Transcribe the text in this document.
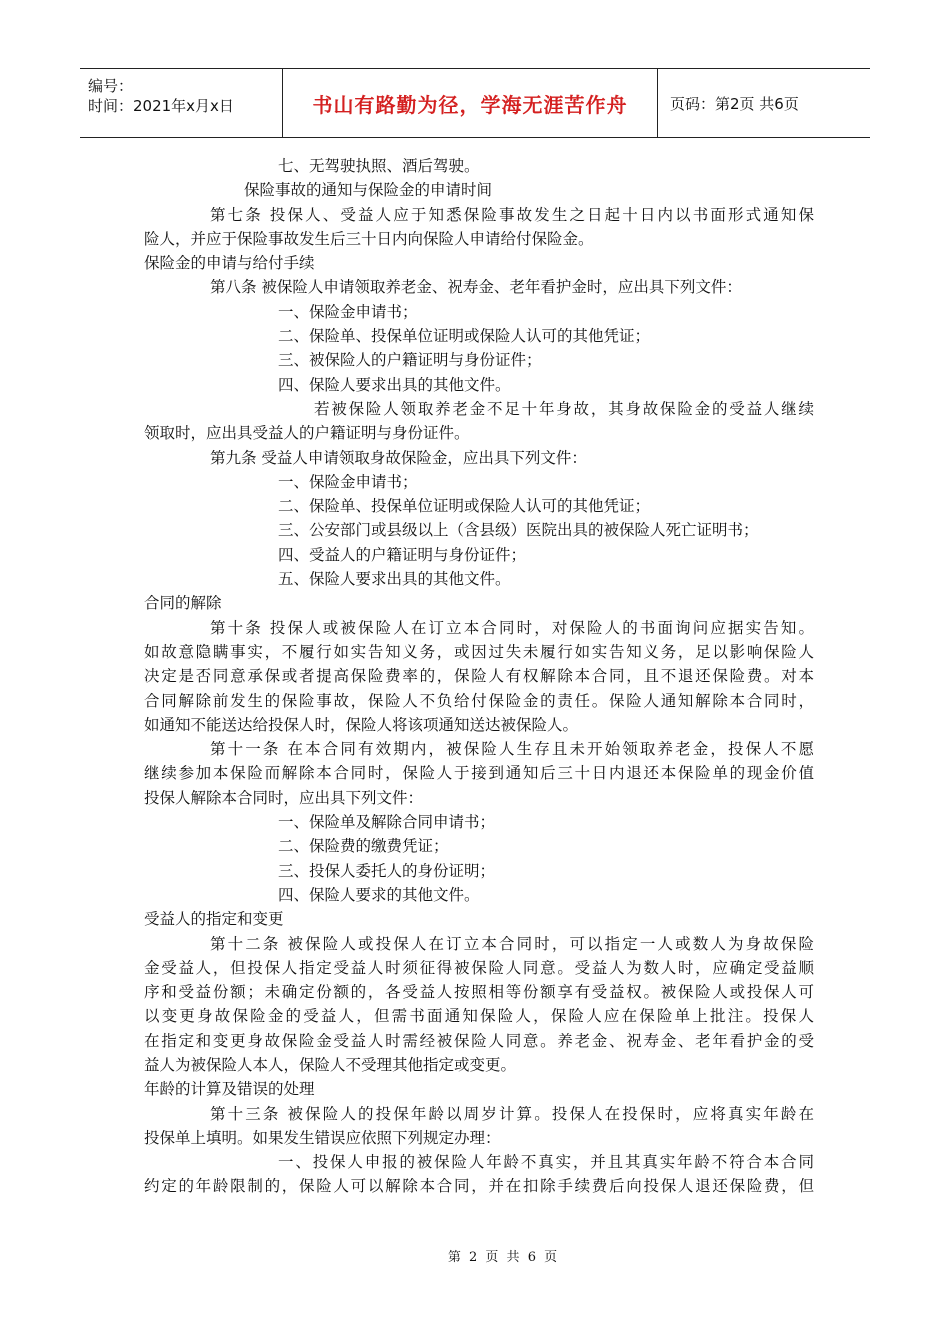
编号：
时间：2021年x月x日	书山有路勤为径，学海无涯苦作舟	页码：第2页 共6页
七、无驾驶执照、酒后驾驶。
保险事故的通知与保险金的申请时间
第七条 投保人、受益人应于知悉保险事故发生之日起十日内以书面形式通知保
险人，并应于保险事故发生后三十日内向保险人申请给付保险金。
保险金的申请与给付手续
第八条 被保险人申请领取养老金、祝寿金、老年看护金时，应出具下列文件：
一、保险金申请书；
二、保险单、投保单位证明或保险人认可的其他凭证；
三、被保险人的户籍证明与身份证件；
四、保险人要求出具的其他文件。
若被保险人领取养老金不足十年身故，其身故保险金的受益人继续
领取时，应出具受益人的户籍证明与身份证件。
第九条 受益人申请领取身故保险金，应出具下列文件：
一、保险金申请书；
二、保险单、投保单位证明或保险人认可的其他凭证；
三、公安部门或县级以上（含县级）医院出具的被保险人死亡证明书；
四、受益人的户籍证明与身份证件；
五、保险人要求出具的其他文件。
合同的解除
第十条 投保人或被保险人在订立本合同时，对保险人的书面询问应据实告知。
如故意隐瞒事实，不履行如实告知义务，或因过失未履行如实告知义务，足以影响保险人
决定是否同意承保或者提高保险费率的，保险人有权解除本合同，且不退还保险费。对本
合同解除前发生的保险事故，保险人不负给付保险金的责任。保险人通知解除本合同时，
如通知不能送达给投保人时，保险人将该项通知送达被保险人。
第十一条 在本合同有效期内，被保险人生存且未开始领取养老金，投保人不愿
继续参加本保险而解除本合同时，保险人于接到通知后三十日内退还本保险单的现金价值
投保人解除本合同时，应出具下列文件：
一、保险单及解除合同申请书；
二、保险费的缴费凭证；
三、投保人委托人的身份证明；
四、保险人要求的其他文件。
受益人的指定和变更
第十二条 被保险人或投保人在订立本合同时，可以指定一人或数人为身故保险
金受益人，但投保人指定受益人时须征得被保险人同意。受益人为数人时，应确定受益顺
序和受益份额；未确定份额的，各受益人按照相等份额享有受益权。被保险人或投保人可
以变更身故保险金的受益人，但需书面通知保险人，保险人应在保险单上批注。投保人
在指定和变更身故保险金受益人时需经被保险人同意。养老金、祝寿金、老年看护金的受
益人为被保险人本人，保险人不受理其他指定或变更。
年龄的计算及错误的处理
第十三条 被保险人的投保年龄以周岁计算。投保人在投保时，应将真实年龄在
投保单上填明。如果发生错误应依照下列规定办理：
一、投保人申报的被保险人年龄不真实，并且其真实年龄不符合本合同
约定的年龄限制的，保险人可以解除本合同，并在扣除手续费后向投保人退还保险费，但
第 2 页 共 6 页
